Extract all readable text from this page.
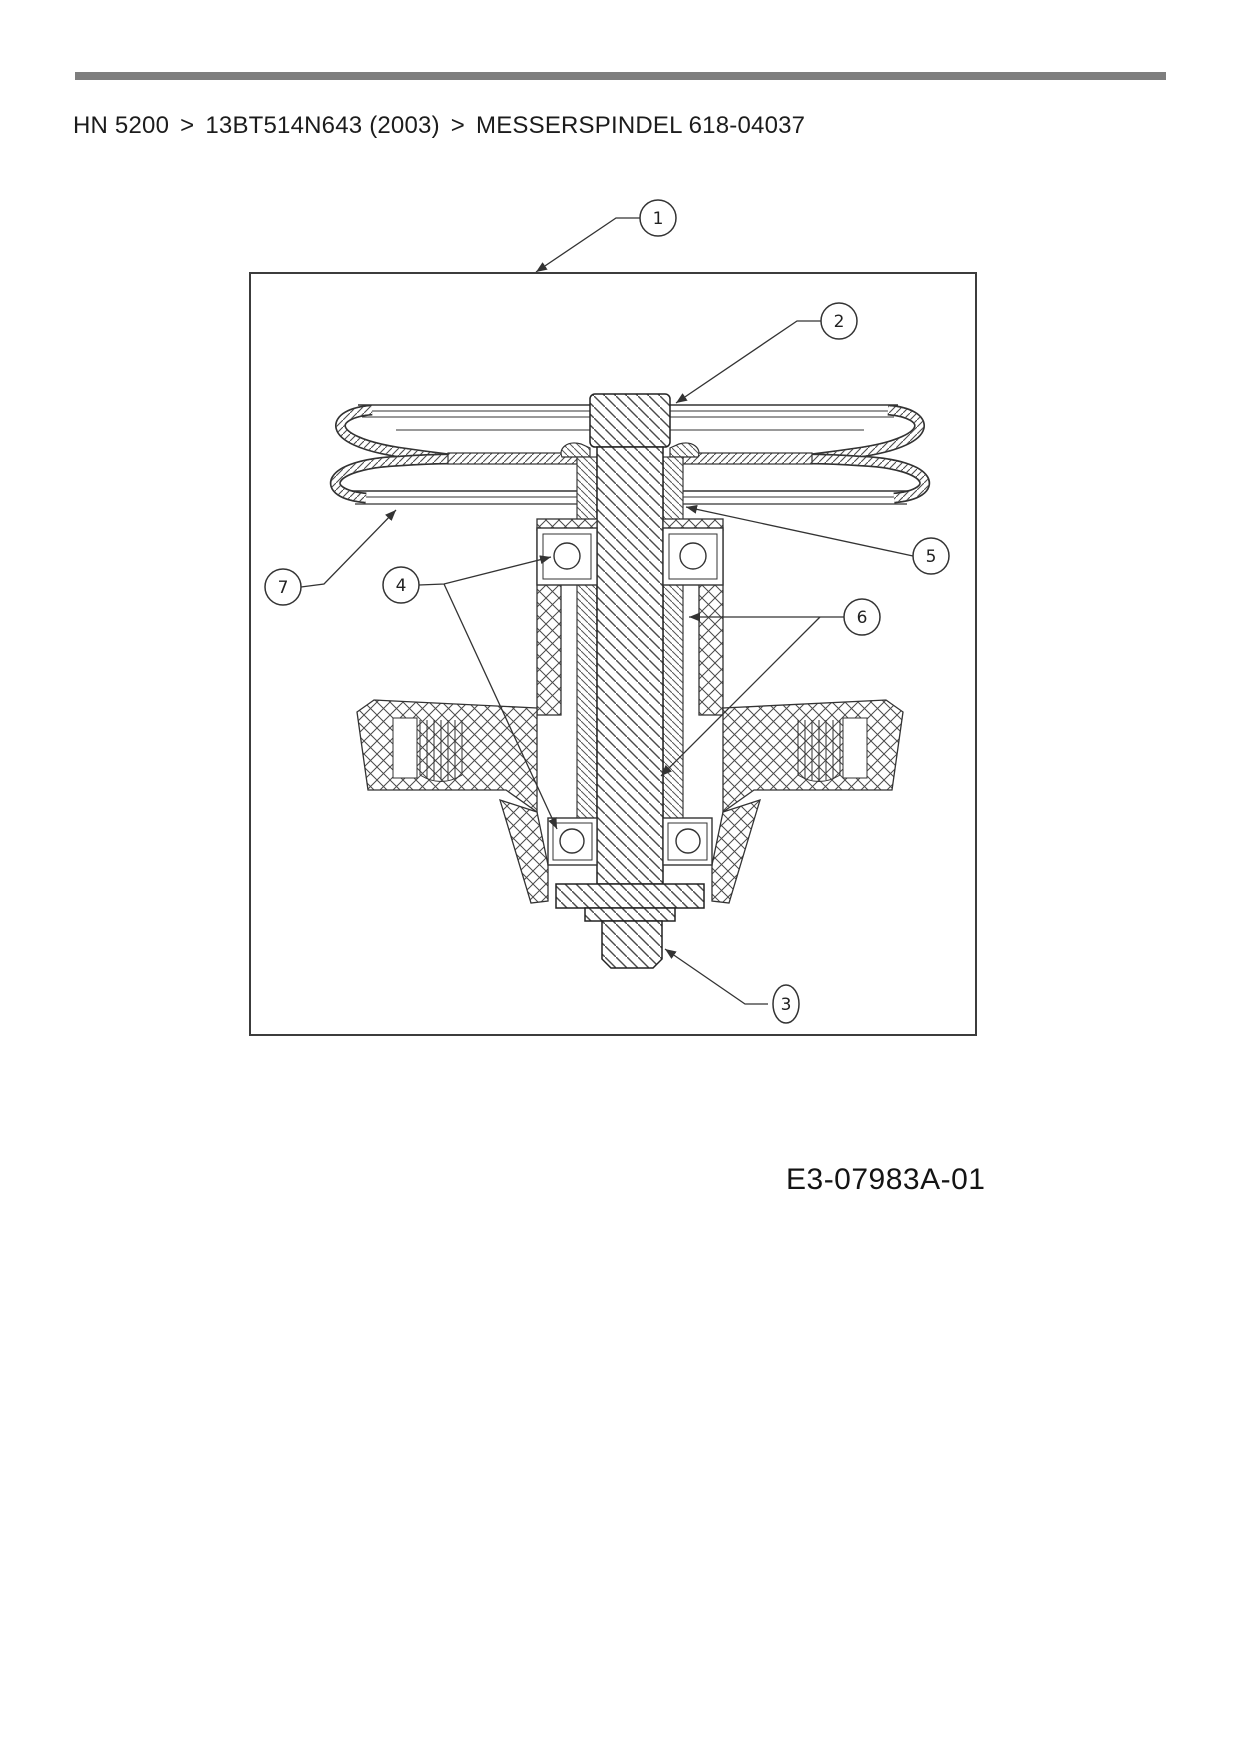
HN 5200 > 13BT514N643 (2003) > MESSERSPINDEL 618-04037
1
2
3
4
5
6
7
E3-07983A-01
